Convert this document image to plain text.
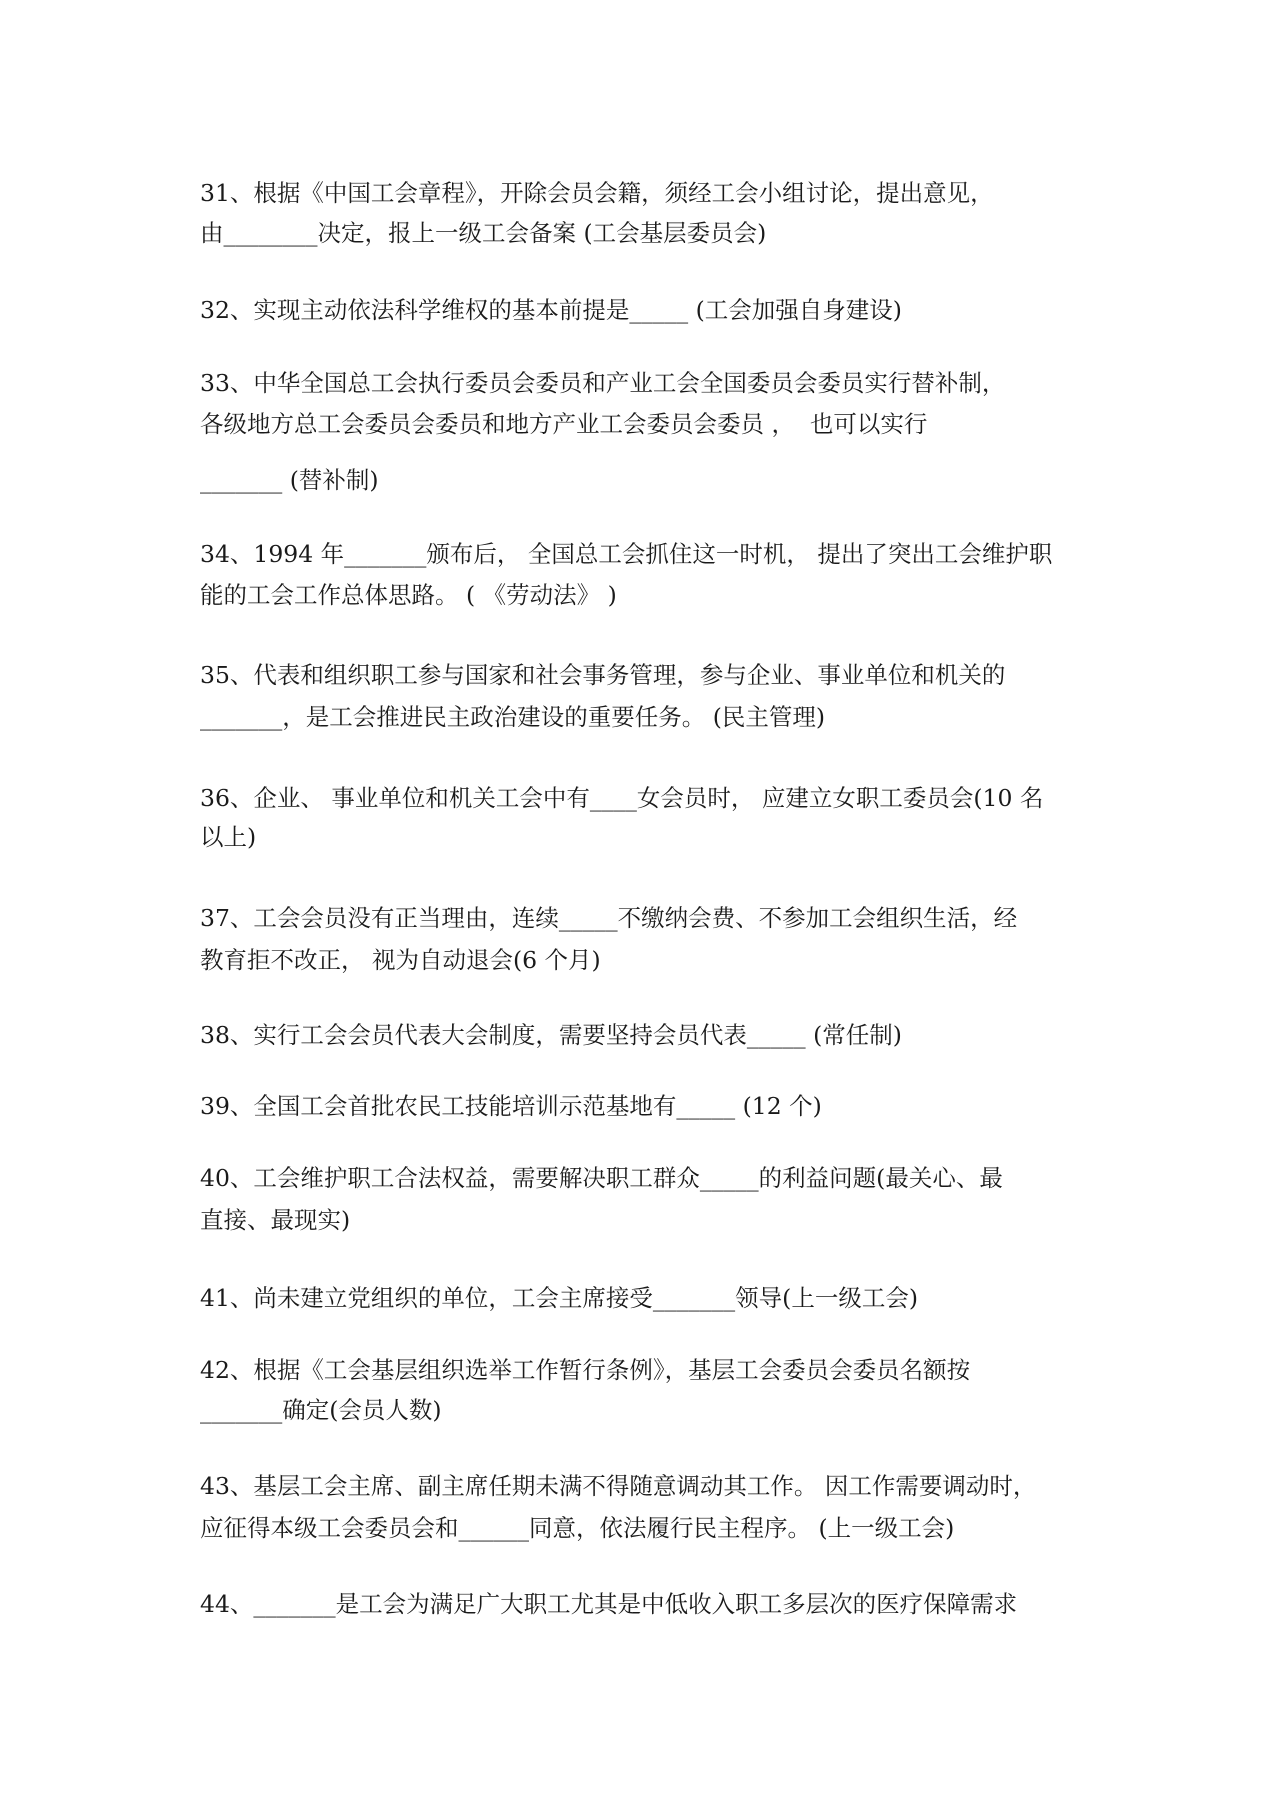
31、根据《中国工会章程》，开除会员会籍，须经工会小组讨论，提出意见，
由________决定，报上一级工会备案 (工会基层委员会)
32、实现主动依法科学维权的基本前提是_____ (工会加强自身建设)
33、中华全国总工会执行委员会委员和产业工会全国委员会委员实行替补制，
各级地方总工会委员会委员和地方产业工会委员会委员 ，  也可以实行
_______ (替补制)
34、1994 年_______颁布后， 全国总工会抓住这一时机， 提出了突出工会维护职
能的工会工作总体思路。 ( 《劳动法》 )
35、代表和组织职工参与国家和社会事务管理，参与企业、事业单位和机关的
_______，是工会推进民主政治建设的重要任务。 (民主管理)
36、企业、 事业单位和机关工会中有____女会员时， 应建立女职工委员会(10 名
以上)
37、工会会员没有正当理由，连续_____不缴纳会费、不参加工会组织生活，经
教育拒不改正， 视为自动退会(6 个月)
38、实行工会会员代表大会制度，需要坚持会员代表_____ (常任制)
39、全国工会首批农民工技能培训示范基地有_____ (12 个)
40、工会维护职工合法权益，需要解决职工群众_____的利益问题(最关心、最
直接、最现实)
41、尚未建立党组织的单位，工会主席接受_______领导(上一级工会)
42、根据《工会基层组织选举工作暂行条例》，基层工会委员会委员名额按
_______确定(会员人数)
43、基层工会主席、副主席任期未满不得随意调动其工作。 因工作需要调动时，
应征得本级工会委员会和______同意，依法履行民主程序。 (上一级工会)
44、_______是工会为满足广大职工尤其是中低收入职工多层次的医疗保障需求
